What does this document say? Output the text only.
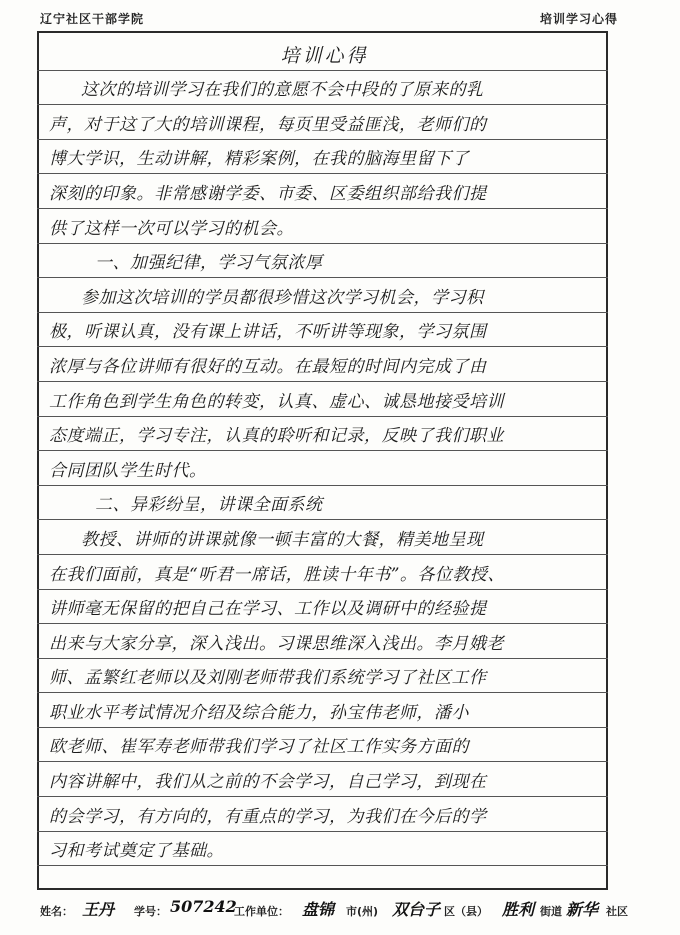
辽宁社区干部学院	培训学习心得
培训心得
这次的培训学习在我们的意愿不会中段的了原来的乳
声，对于这了大的培训课程，每页里受益匪浅，老师们的
博大学识，生动讲解，精彩案例，在我的脑海里留下了
深刻的印象。非常感谢学委、市委、区委组织部给我们提
供了这样一次可以学习的机会。
一、加强纪律，学习气氛浓厚
参加这次培训的学员都很珍惜这次学习机会，学习积
极，听课认真，没有课上讲话，不听讲等现象，学习氛围
浓厚与各位讲师有很好的互动。在最短的时间内完成了由
工作角色到学生角色的转变，认真、虚心、诚恳地接受培训
态度端正，学习专注，认真的聆听和记录，反映了我们职业
合同团队学生时代。
二、异彩纷呈，讲课全面系统
教授、讲师的讲课就像一顿丰富的大餐，精美地呈现
在我们面前，真是“听君一席话，胜读十年书”。各位教授、
讲师毫无保留的把自己在学习、工作以及调研中的经验提
出来与大家分享，深入浅出。习课思维深入浅出。李月娥老
师、孟繁红老师以及刘刚老师带我们系统学习了社区工作
职业水平考试情况介绍及综合能力，孙宝伟老师，潘小
欧老师、崔军寿老师带我们学习了社区工作实务方面的
内容讲解中，我们从之前的不会学习，自己学习，到现在
的会学习，有方向的，有重点的学习，为我们在今后的学
习和考试奠定了基础。
姓名： 王丹 学号： 507242
工作单位： 盘锦 市(州) 双台子 区（县） 胜利 街道 新华 社区
